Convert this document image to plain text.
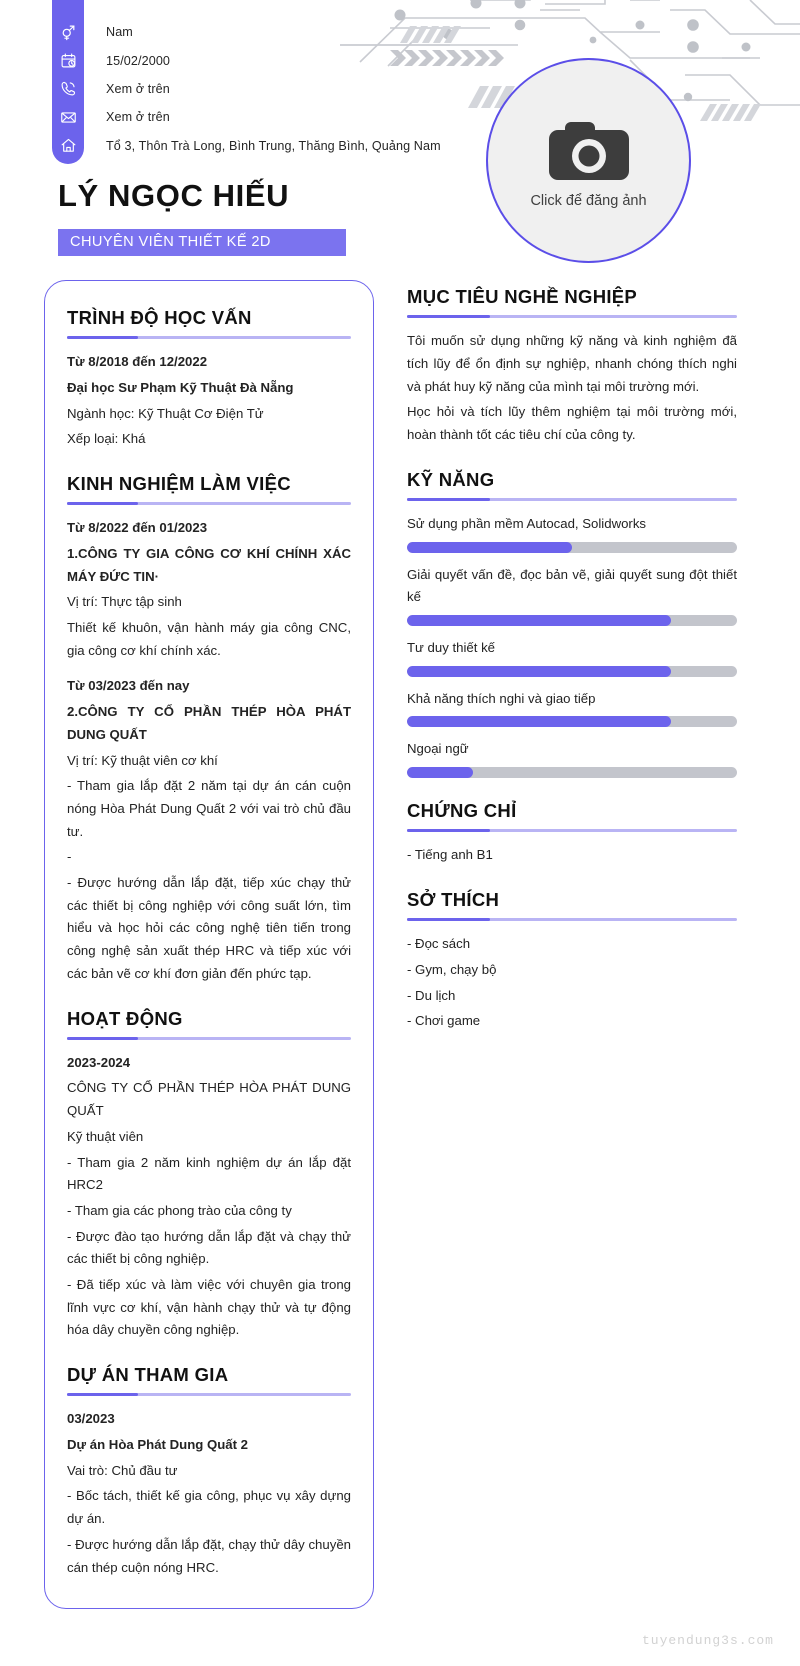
Nam
15/02/2000
Xem ở trên
Xem ở trên
Tổ 3, Thôn Trà Long, Bình Trung, Thăng Bình, Quảng Nam
LÝ NGỌC HIẾU
CHUYÊN VIÊN THIẾT KẾ 2D
Click để đăng ảnh
TRÌNH ĐỘ HỌC VẤN

Từ 8/2018 đến 12/2022

Đại học Sư Phạm Kỹ Thuật Đà Nẵng

Ngành học: Kỹ Thuật Cơ Điện Tử

Xếp loại: Khá

KINH NGHIỆM LÀM VIỆC

Từ 8/2022 đến 01/2023

1.CÔNG TY GIA CÔNG CƠ KHÍ CHÍNH XÁC MÁY ĐỨC TIN·

Vị trí: Thực tập sinh

Thiết kế khuôn, vận hành máy gia công CNC, gia công cơ khí chính xác.

Từ 03/2023 đến nay

2.CÔNG TY CỔ PHẦN THÉP HÒA PHÁT DUNG QUẤT

Vị trí: Kỹ thuật viên cơ khí

- Tham gia lắp đặt 2 năm tại dự án cán cuộn nóng Hòa Phát Dung Quất 2 với vai trò chủ đầu tư.

-

- Được hướng dẫn lắp đặt, tiếp xúc chạy thử các thiết bị công nghiệp với công suất lớn, tìm hiểu và học hỏi các công nghệ tiên tiến trong công nghệ sản xuất thép HRC và tiếp xúc với các bản vẽ cơ khí đơn giản đến phức tạp.

HOẠT ĐỘNG

2023-2024

CÔNG TY CỔ PHẦN THÉP HÒA PHÁT DUNG QUẤT

Kỹ thuật viên

- Tham gia 2 năm kinh nghiệm dự án lắp đặt HRC2

- Tham gia các phong trào của công ty

- Được đào tạo hướng dẫn lắp đặt và chạy thử các thiết bị công nghiệp.

- Đã tiếp xúc và làm việc với chuyên gia trong lĩnh vực cơ khí, vận hành chạy thử và tự động hóa dây chuyền công nghiệp.

DỰ ÁN THAM GIA

03/2023

Dự án Hòa Phát Dung Quất 2

Vai trò: Chủ đầu tư

- Bốc tách, thiết kế gia công, phục vụ xây dựng dự án.

- Được hướng dẫn lắp đặt, chạy thử dây chuyền cán thép cuộn nóng HRC.

MỤC TIÊU NGHỀ NGHIỆP

Tôi muốn sử dụng những kỹ năng và kinh nghiệm đã tích lũy để ổn định sự nghiệp, nhanh chóng thích nghi và phát huy kỹ năng của mình tại môi trường mới.

Học hỏi và tích lũy thêm nghiệm tại môi trường mới, hoàn thành tốt các tiêu chí của công ty.

KỸ NĂNG

Sử dụng phần mềm Autocad, Solidworks

Giải quyết vấn đề, đọc bản vẽ, giải quyết sung đột thiết kế

Tư duy thiết kế

Khả năng thích nghi và giao tiếp

Ngoại ngữ

CHỨNG CHỈ

- Tiếng anh B1

SỞ THÍCH

- Đọc sách

- Gym, chạy bộ

- Du lịch

- Chơi game

tuyendung3s.com
